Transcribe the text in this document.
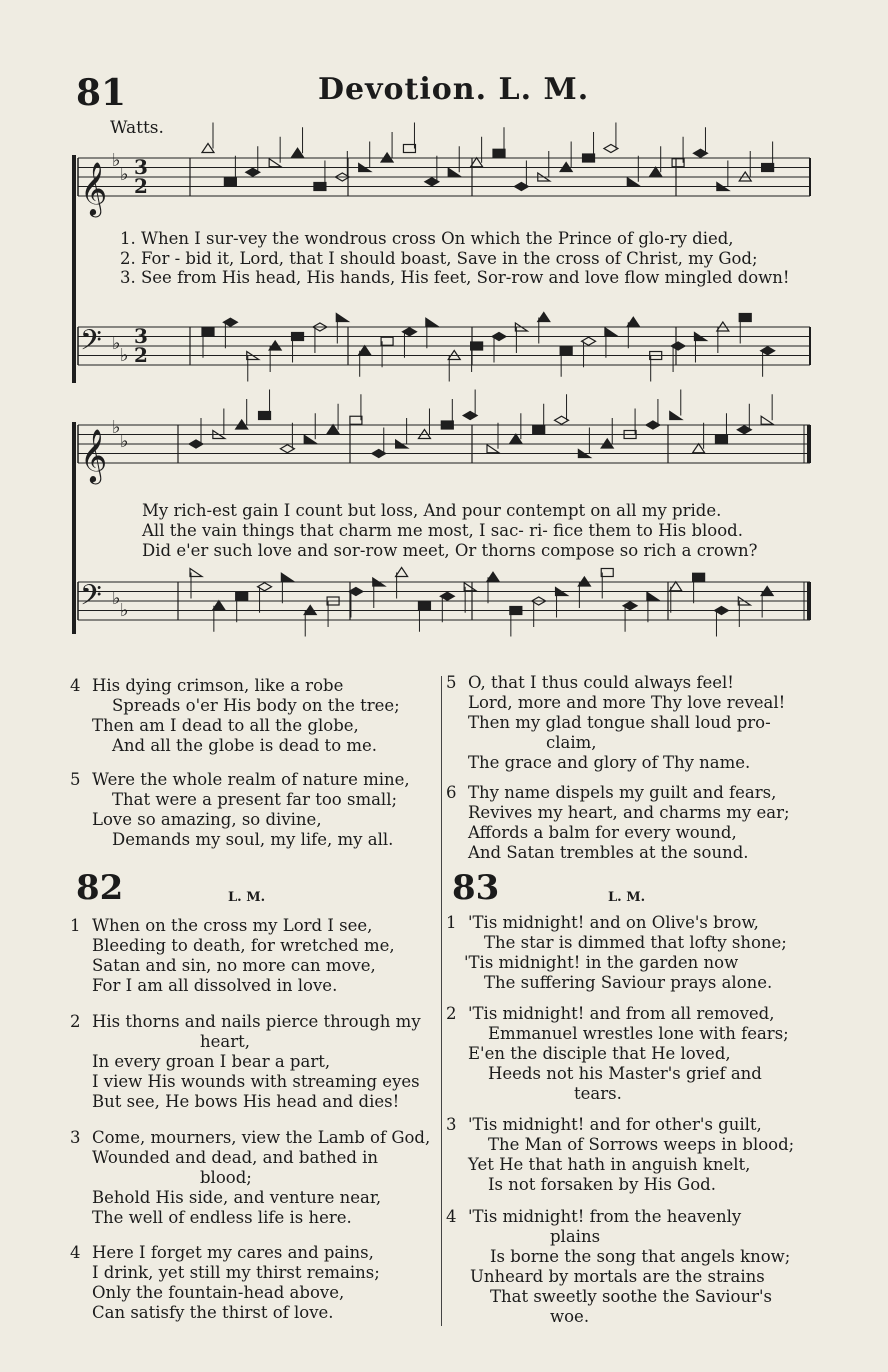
81	Devotion. L. M.
Watts.
𝄞
♭
♭ 3
2
𝄢 ♭
♭
3
2
𝄞
♭
♭
𝄢 ♭
♭
1. When I sur-vey the wondrous cross On which the Prince of glo-ry died,
2. For - bid it, Lord, that I should boast, Save in the cross of Christ, my God;
3. See from His head, His hands, His feet, Sor-row and love flow mingled down!
My rich-est gain I count but loss, And pour contempt on all my pride.
All the vain things that charm me most, I sac- ri- fice them to His blood.
Did e'er such love and sor-row meet, Or thorns compose so rich a crown?
4 His dying crimson, like a robe
Spreads o'er His body on the tree;
Then am I dead to all the globe,
And all the globe is dead to me.
5 Were the whole realm of nature mine,
That were a present far too small;
Love so amazing, so divine,
Demands my soul, my life, my all.
5 O, that I thus could always feel!
Lord, more and more Thy love reveal!
Then my glad tongue shall loud pro-
claim,
The grace and glory of Thy name.
6 Thy name dispels my guilt and fears,
Revives my heart, and charms my ear;
Affords a balm for every wound,
And Satan trembles at the sound.
82	L. M.
1 When on the cross my Lord I see,
Bleeding to death, for wretched me,
Satan and sin, no more can move,
For I am all dissolved in love.
2 His thorns and nails pierce through my
heart,
In every groan I bear a part,
I view His wounds with streaming eyes
But see, He bows His head and dies!
3 Come, mourners, view the Lamb of God,
Wounded and dead, and bathed in
blood;
Behold His side, and venture near,
The well of endless life is here.
4 Here I forget my cares and pains,
I drink, yet still my thirst remains;
Only the fountain-head above,
Can satisfy the thirst of love.
83	L. M.
1 'Tis midnight! and on Olive's brow,
The star is dimmed that lofty shone;
'Tis midnight! in the garden now
The suffering Saviour prays alone.
2 'Tis midnight! and from all removed,
Emmanuel wrestles lone with fears;
E'en the disciple that He loved,
Heeds not his Master's grief and
tears.
3 'Tis midnight! and for other's guilt,
The Man of Sorrows weeps in blood;
Yet He that hath in anguish knelt,
Is not forsaken by His God.
4 'Tis midnight! from the heavenly
plains
Is borne the song that angels know;
Unheard by mortals are the strains
That sweetly soothe the Saviour's
woe.
